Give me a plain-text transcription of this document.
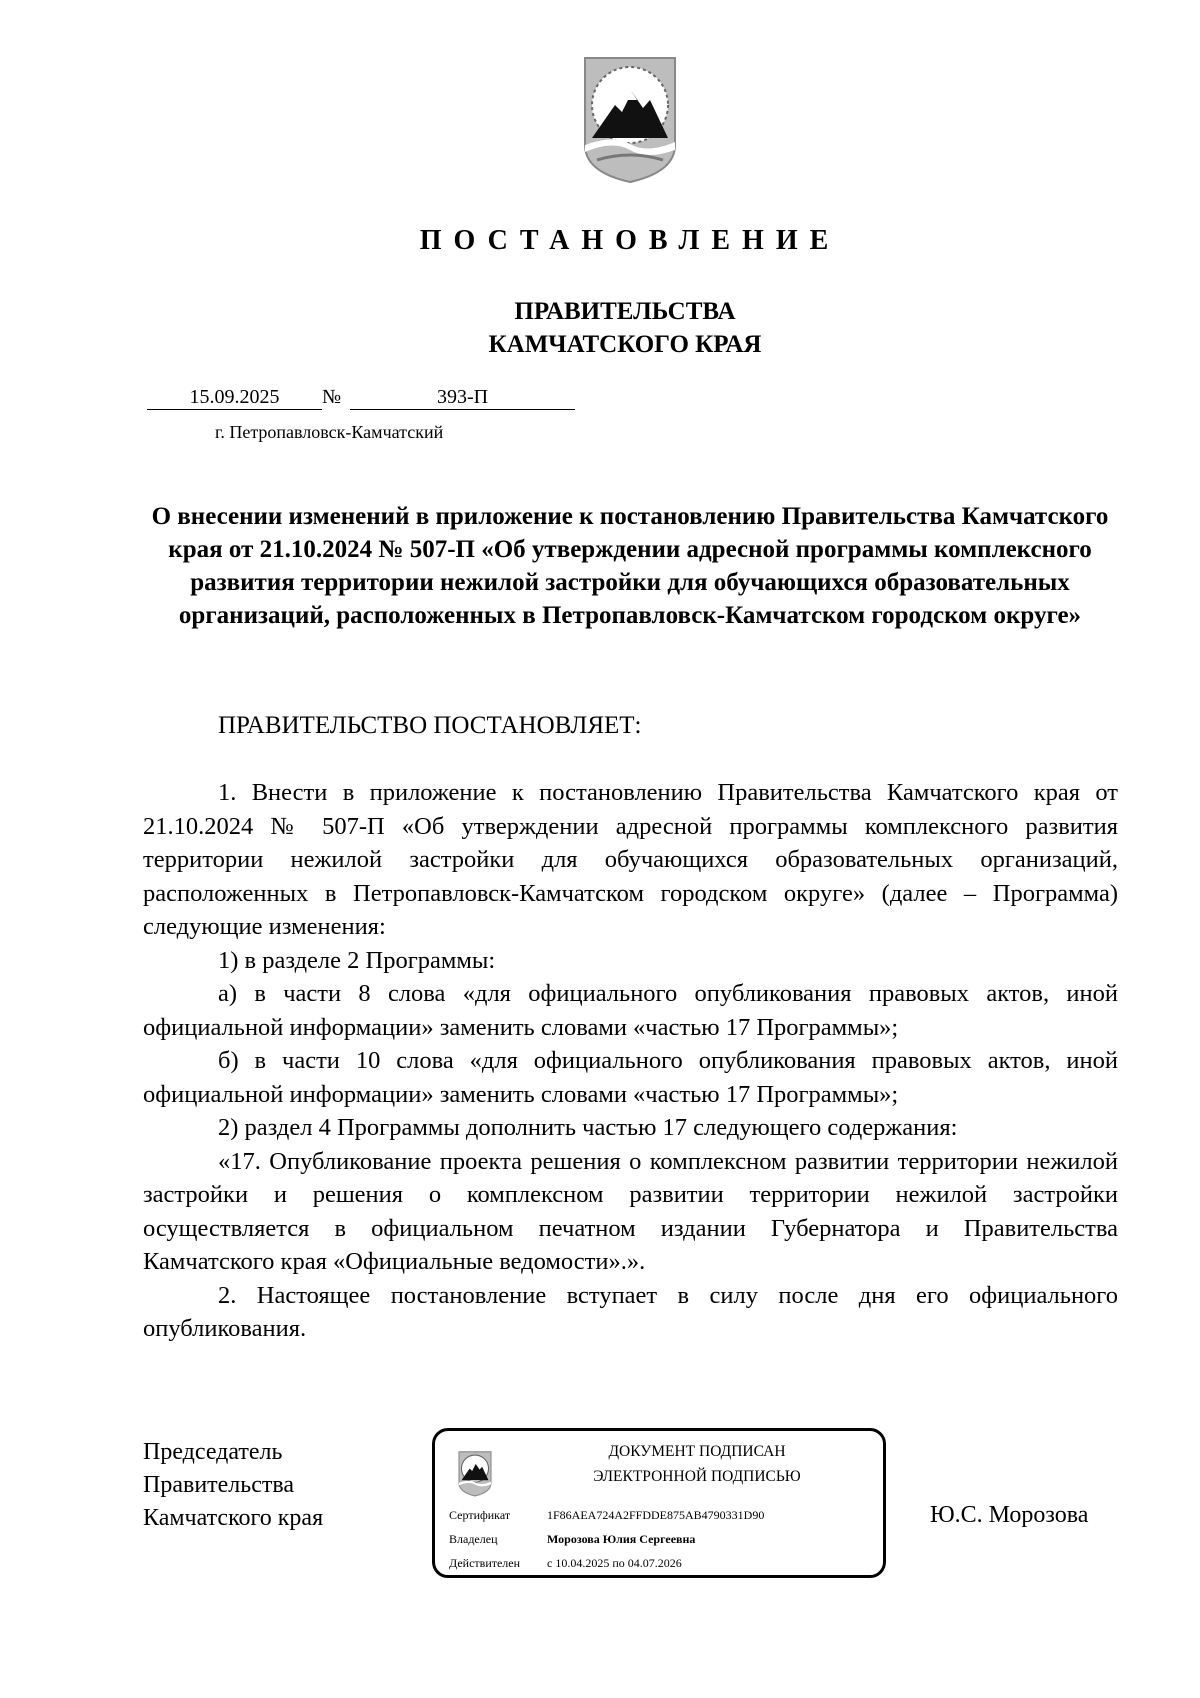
ПОСТАНОВЛЕНИЕ
ПРАВИТЕЛЬСТВА
КАМЧАТСКОГО КРАЯ
15.09.2025	№	393-П
г. Петропавловск-Камчатский
О внесении изменений в приложение к постановлению Правительства Камчатского края от 21.10.2024 № 507-П «Об утверждении адресной программы комплексного развития территории нежилой застройки для обучающихся образовательных организаций, расположенных в Петропавловск-Камчатском городском округе»
ПРАВИТЕЛЬСТВО ПОСТАНОВЛЯЕТ:

1. Внести в приложение к постановлению Правительства Камчатского края от 21.10.2024 № 507-П «Об утверждении адресной программы комплексного развития территории нежилой застройки для обучающихся образовательных организаций, расположенных в Петропавловск-Камчатском городском округе» (далее – Программа) следующие изменения:

1) в разделе 2 Программы:

а) в части 8 слова «для официального опубликования правовых актов, иной официальной информации» заменить словами «частью 17 Программы»;

б) в части 10 слова «для официального опубликования правовых актов, иной официальной информации» заменить словами «частью 17 Программы»;

2) раздел 4 Программы дополнить частью 17 следующего содержания:

«17. Опубликование проекта решения о комплексном развитии территории нежилой застройки и решения о комплексном развитии территории нежилой застройки осуществляется в официальном печатном издании Губернатора и Правительства Камчатского края «Официальные ведомости».».

2. Настоящее постановление вступает в силу после дня его официального опубликования.

Председатель
Правительства
Камчатского края
ДОКУМЕНТ ПОДПИСАН
ЭЛЕКТРОННОЙ ПОДПИСЬЮ
Сертификат	1F86AEA724A2FFDDE875AB4790331D90
Владелец	Морозова Юлия Сергеевна
Действителен с 10.04.2025 по 04.07.2026
Ю.С. Морозова
